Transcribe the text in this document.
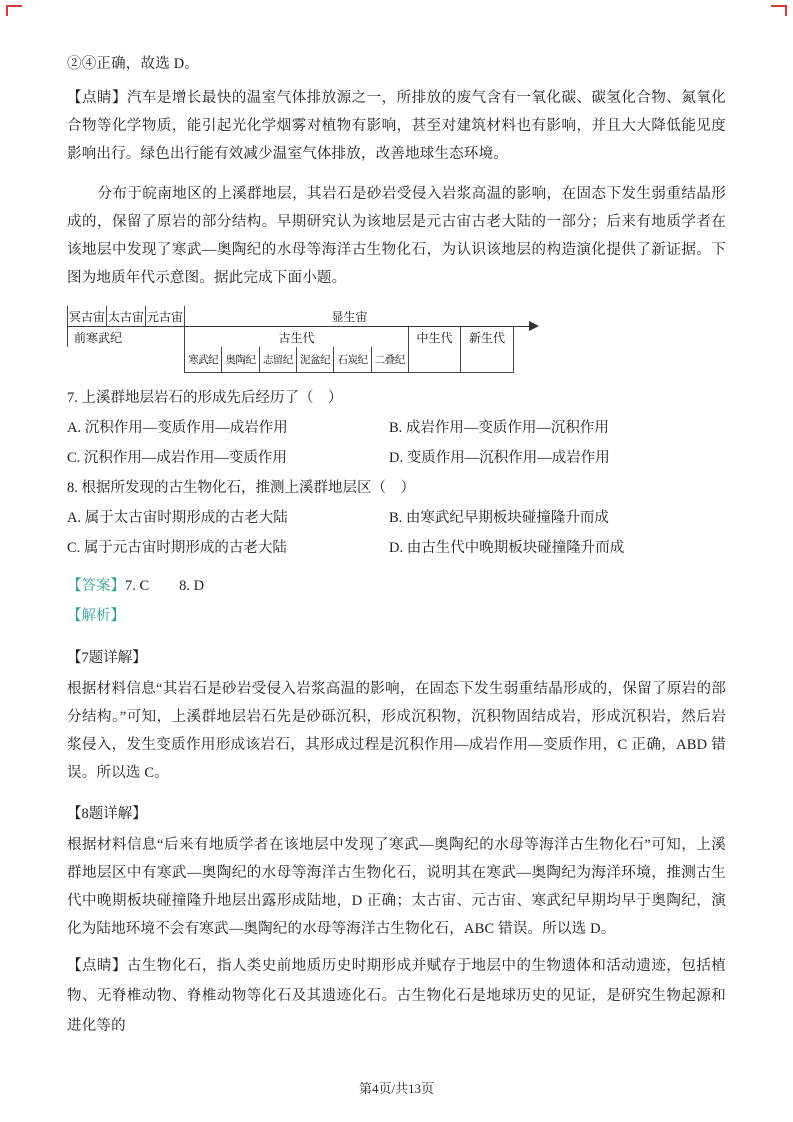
②④正确，故选 D。

【点睛】汽车是增长最快的温室气体排放源之一，所排放的废气含有一氧化碳、碳氢化合物、氮氧化合物等化学物质，能引起光化学烟雾对植物有影响，甚至对建筑材料也有影响，并且大大降低能见度影响出行。绿色出行能有效减少温室气体排放，改善地球生态环境。

分布于皖南地区的上溪群地层，其岩石是砂岩受侵入岩浆高温的影响，在固态下发生弱重结晶形成的，保留了原岩的部分结构。早期研究认为该地层是元古宙古老大陆的一部分；后来有地质学者在该地层中发现了寒武—奥陶纪的水母等海洋古生物化石，为认识该地层的构造演化提供了新证据。下图为地质年代示意图。据此完成下面小题。

冥古宙 太古宙 元古宙	显生宙
前寒武纪	古生代	中生代	新生代
寒武纪 奥陶纪 志留纪 泥盆纪 石炭纪 二叠纪

7. 上溪群地层岩石的形成先后经历了（　）

A. 沉积作用—变质作用—成岩作用	B. 成岩作用—变质作用—沉积作用
C. 沉积作用—成岩作用—变质作用	D. 变质作用—沉积作用—成岩作用

8. 根据所发现的古生物化石，推测上溪群地层区（　）

A. 属于太古宙时期形成的古老大陆	B. 由寒武纪早期板块碰撞隆升而成
C. 属于元古宙时期形成的古老大陆	D. 由古生代中晚期板块碰撞隆升而成

【答案】7. C 8. D

【解析】

【7题详解】

根据材料信息“其岩石是砂岩受侵入岩浆高温的影响，在固态下发生弱重结晶形成的，保留了原岩的部分结构。”可知，上溪群地层岩石先是砂砾沉积，形成沉积物，沉积物固结成岩，形成沉积岩，然后岩浆侵入，发生变质作用形成该岩石，其形成过程是沉积作用—成岩作用—变质作用，C 正确，ABD 错误。所以选 C。

【8题详解】

根据材料信息“后来有地质学者在该地层中发现了寒武—奥陶纪的水母等海洋古生物化石”可知，上溪群地层区中有寒武—奥陶纪的水母等海洋古生物化石，说明其在寒武—奥陶纪为海洋环境，推测古生代中晚期板块碰撞隆升地层出露形成陆地，D 正确；太古宙、元古宙、寒武纪早期均早于奥陶纪，演化为陆地环境不会有寒武—奥陶纪的水母等海洋古生物化石，ABC 错误。所以选 D。

【点睛】古生物化石，指人类史前地质历史时期形成并赋存于地层中的生物遗体和活动遗迹，包括植物、无脊椎动物、脊椎动物等化石及其遗迹化石。古生物化石是地球历史的见证，是研究生物起源和进化等的

第4页/共13页
